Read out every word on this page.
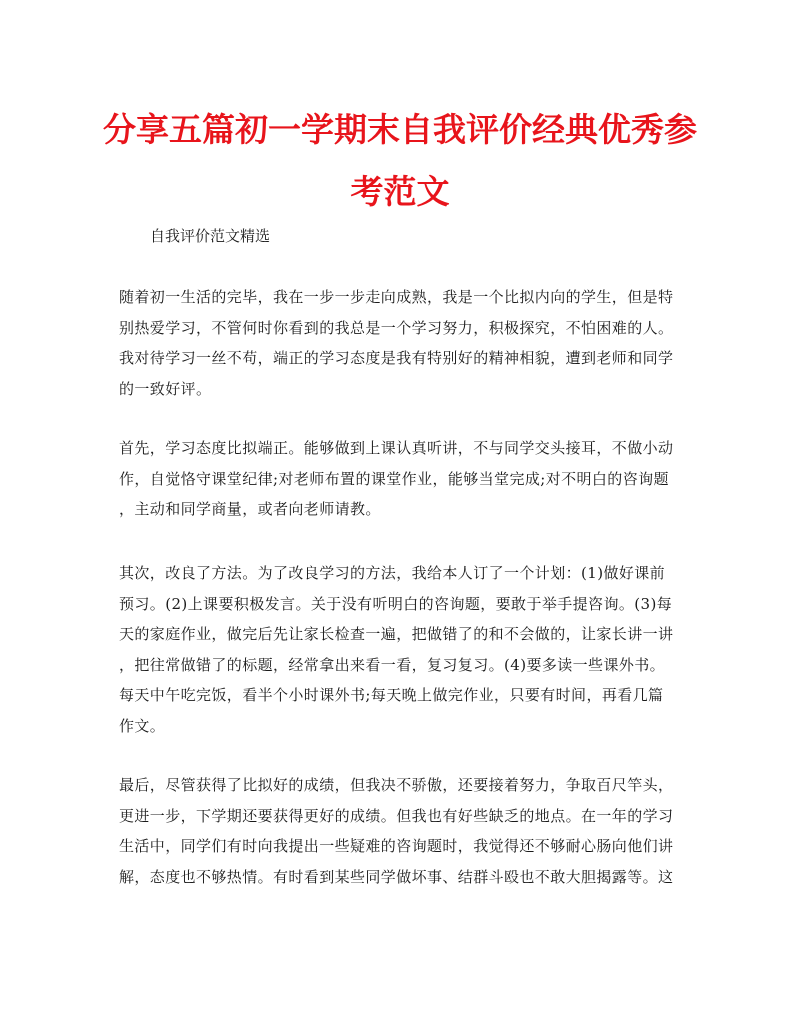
分享五篇初一学期末自我评价经典优秀参
考范文
自我评价范文精选
随着初一生活的完毕，我在一步一步走向成熟，我是一个比拟内向的学生，但是特
别热爱学习，不管何时你看到的我总是一个学习努力，积极探究，不怕困难的人。
我对待学习一丝不苟，端正的学习态度是我有特别好的精神相貌，遭到老师和同学
的一致好评。
首先，学习态度比拟端正。能够做到上课认真听讲，不与同学交头接耳，不做小动
作，自觉恪守课堂纪律;对老师布置的课堂作业，能够当堂完成;对不明白的咨询题
，主动和同学商量，或者向老师请教。
其次，改良了方法。为了改良学习的方法，我给本人订了一个计划：(1)做好课前
预习。(2)上课要积极发言。关于没有听明白的咨询题，要敢于举手提咨询。(3)每
天的家庭作业，做完后先让家长检查一遍，把做错了的和不会做的，让家长讲一讲
，把往常做错了的标题，经常拿出来看一看，复习复习。(4)要多读一些课外书。
每天中午吃完饭，看半个小时课外书;每天晚上做完作业，只要有时间，再看几篇
作文。
最后，尽管获得了比拟好的成绩，但我决不骄傲，还要接着努力，争取百尺竿头，
更进一步，下学期还要获得更好的成绩。但我也有好些缺乏的地点。在一年的学习
生活中，同学们有时向我提出一些疑难的咨询题时，我觉得还不够耐心肠向他们讲
解，态度也不够热情。有时看到某些同学做坏事、结群斗殴也不敢大胆揭露等。这
